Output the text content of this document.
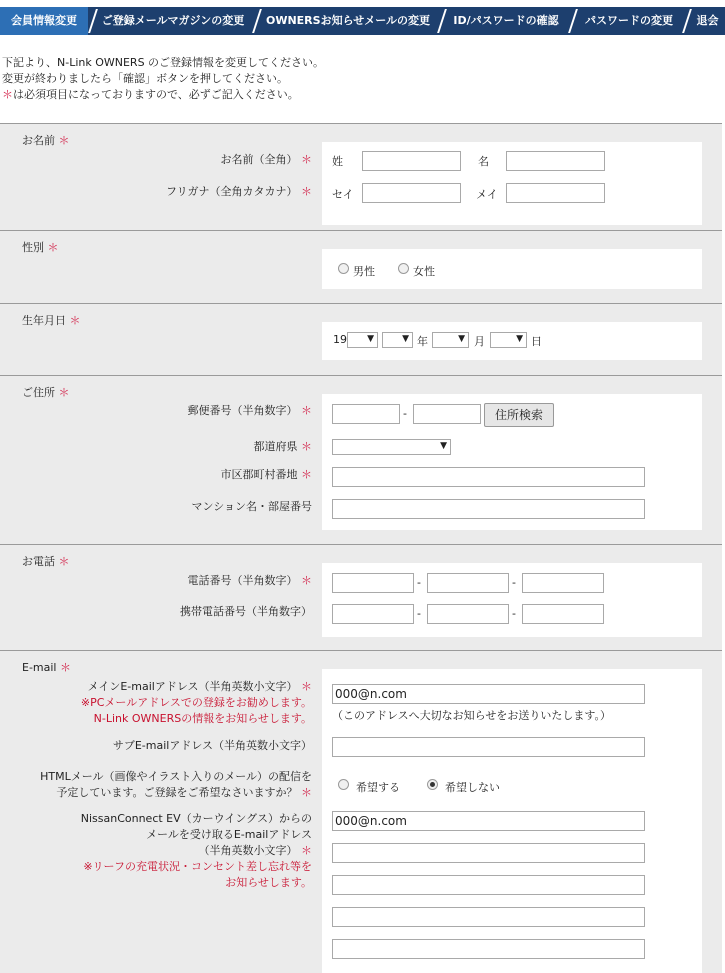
会員情報変更	ご登録メールマガジンの変更	OWNERSお知らせメールの変更	ID/パスワードの確認	パスワードの変更	退会
下記より、N-Link OWNERS のご登録情報を変更してください。
変更が終わりましたら「確認」ボタンを押してください。
＊は必須項目になっておりますので、必ずご記入ください。
お名前 ＊
お名前（全角） ＊ 姓	名
フリガナ（全角カタカナ） ＊ セイ	メイ
性別 ＊
男性	女性
生年月日 ＊
19 ▼	▼ 年	▼ 月	▼ 日
ご住所 ＊
郵便番号（半角数字） ＊	-	住所検索
都道府県 ＊	▼
市区郡町村番地 ＊
マンション名・部屋番号
お電話 ＊
電話番号（半角数字） ＊	-	-
携帯電話番号（半角数字）	-	-
E-mail ＊
メインE-mailアドレス（半角英数小文字） ＊
※PCメールアドレスでの登録をお勧めします。
N-Link OWNERSの情報をお知らせします。
000@n.com
（このアドレスへ大切なお知らせをお送りいたします。）
サブE-mailアドレス（半角英数小文字）
HTMLメール（画像やイラスト入りのメール）の配信を
予定しています。ご登録をご希望なさいますか？ ＊	希望する	希望しない
NissanConnect EV（カーウイングス）からの
メールを受け取るE-mailアドレス
（半角英数小文字） ＊
※リーフの充電状況・コンセント差し忘れ等を
お知らせします。
000@n.com
